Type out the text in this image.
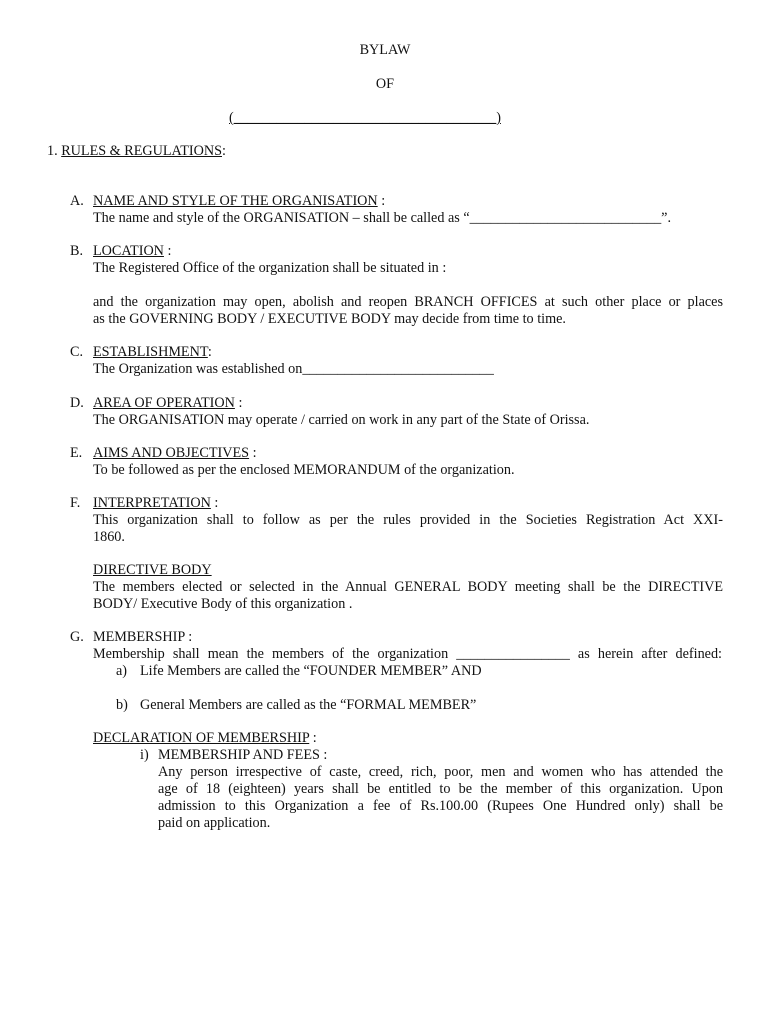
BYLAW
OF
(_____________________________________)
1. RULES & REGULATIONS:
A. NAME AND STYLE OF THE ORGANISATION :
The name and style of the ORGANISATION – shall be called as “___________________________”.
B. LOCATION :
The Registered Office of the organization shall be situated in :
and the organization may open, abolish and reopen BRANCH OFFICES at such other place or places
as the GOVERNING BODY / EXECUTIVE BODY may decide from time to time.
C. ESTABLISHMENT:
The Organization was established on___________________________
D. AREA OF OPERATION :
The ORGANISATION may operate / carried on work in any part of the State of Orissa.
E. AIMS AND OBJECTIVES :
To be followed as per the enclosed MEMORANDUM of the organization.
F. INTERPRETATION :
This organization shall to follow as per the rules provided in the Societies Registration Act XXI-
1860.
DIRECTIVE BODY
The members elected or selected in the Annual GENERAL BODY meeting shall be the DIRECTIVE
BODY/ Executive Body of this organization .
G. MEMBERSHIP :
Membership shall mean the members of the organization ________________ as herein after defined:
a) Life Members are called the “FOUNDER MEMBER” AND
b) General Members are called as the “FORMAL MEMBER”
DECLARATION OF MEMBERSHIP :
i) MEMBERSHIP AND FEES :
Any person irrespective of caste, creed, rich, poor, men and women who has attended the
age of 18 (eighteen) years shall be entitled to be the member of this organization. Upon
admission to this Organization a fee of Rs.100.00 (Rupees One Hundred only) shall be
paid on application.
